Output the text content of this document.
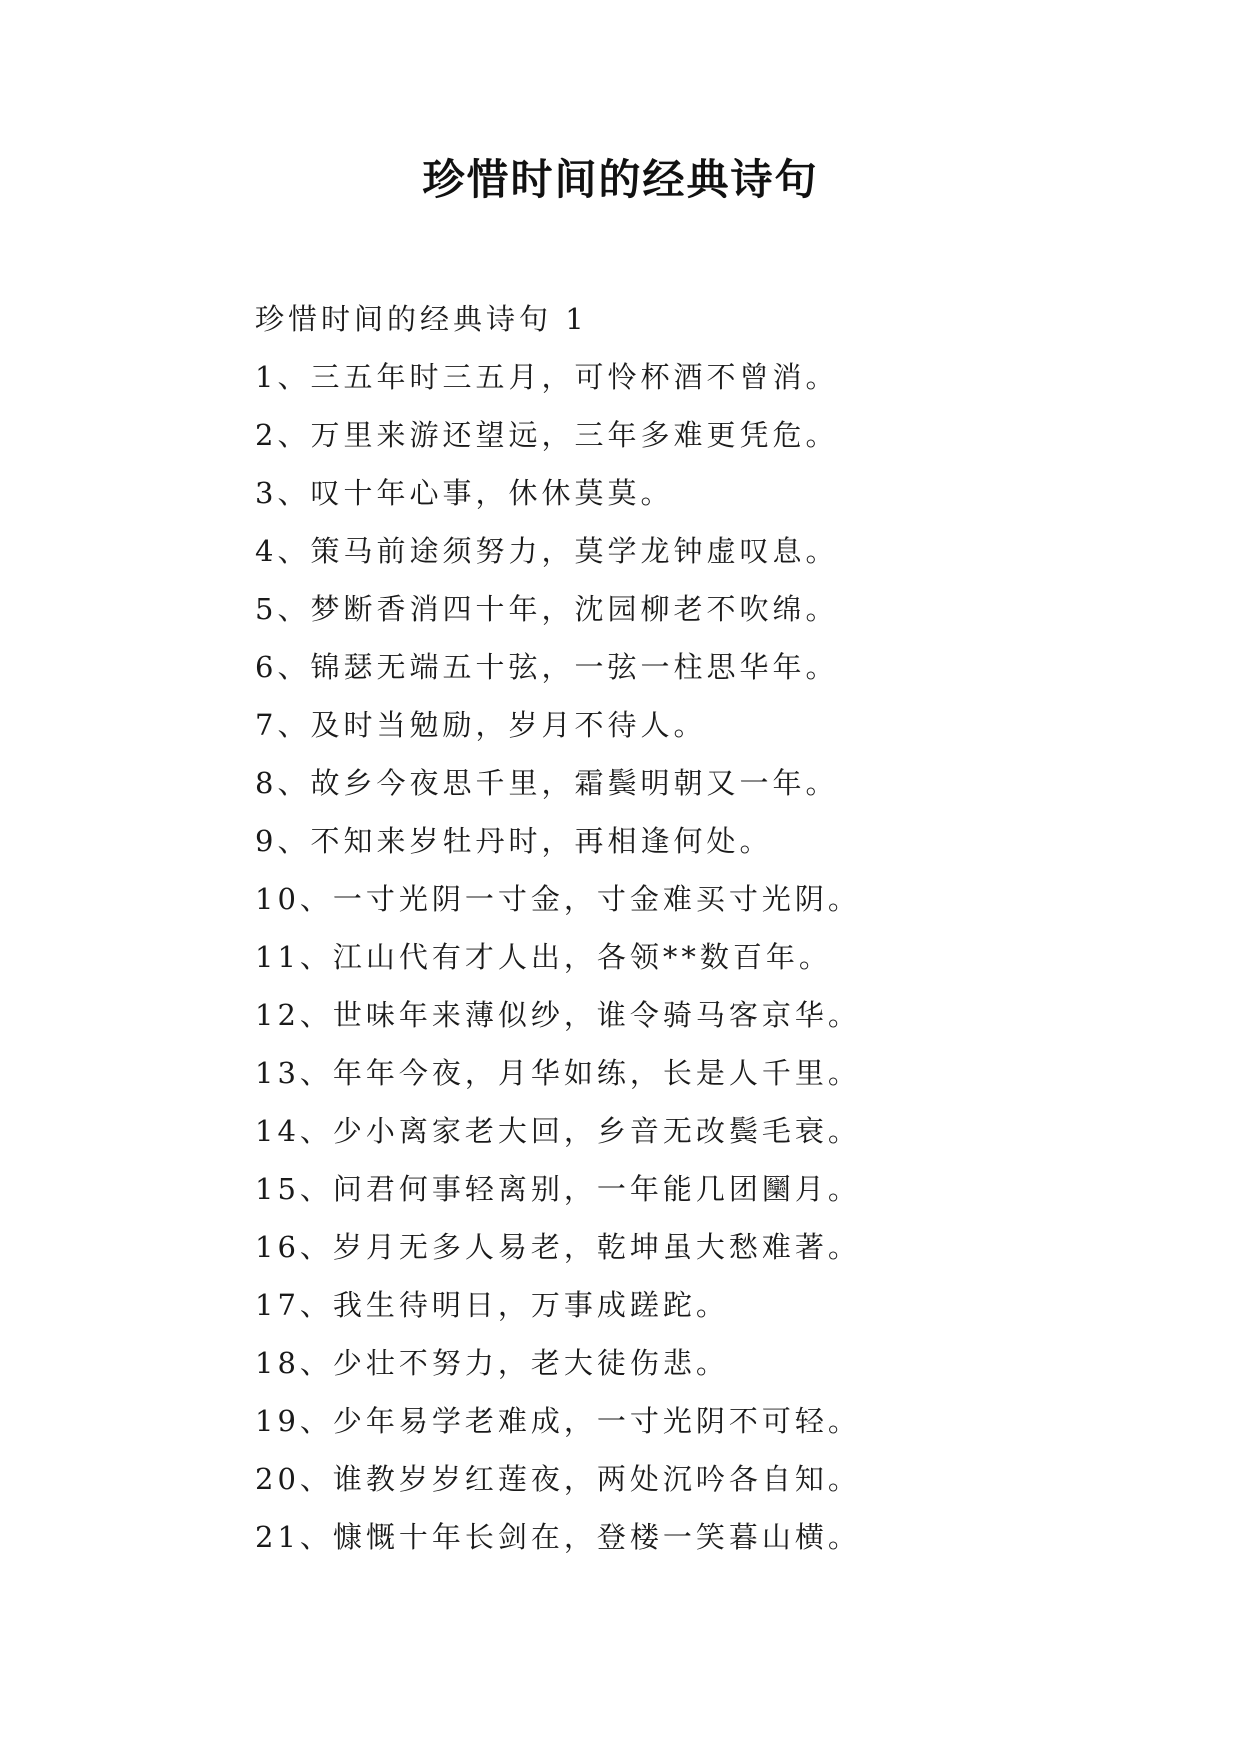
珍惜时间的经典诗句
珍惜时间的经典诗句 1
1、三五年时三五月，可怜杯酒不曾消。
2、万里来游还望远，三年多难更凭危。
3、叹十年心事，休休莫莫。
4、策马前途须努力，莫学龙钟虚叹息。
5、梦断香消四十年，沈园柳老不吹绵。
6、锦瑟无端五十弦，一弦一柱思华年。
7、及时当勉励，岁月不待人。
8、故乡今夜思千里，霜鬓明朝又一年。
9、不知来岁牡丹时，再相逢何处。
10、一寸光阴一寸金，寸金难买寸光阴。
11、江山代有才人出，各领**数百年。
12、世味年来薄似纱，谁令骑马客京华。
13、年年今夜，月华如练，长是人千里。
14、少小离家老大回，乡音无改鬓毛衰。
15、问君何事轻离别，一年能几团圞月。
16、岁月无多人易老，乾坤虽大愁难著。
17、我生待明日，万事成蹉跎。
18、少壮不努力，老大徒伤悲。
19、少年易学老难成，一寸光阴不可轻。
20、谁教岁岁红莲夜，两处沉吟各自知。
21、慷慨十年长剑在，登楼一笑暮山横。
